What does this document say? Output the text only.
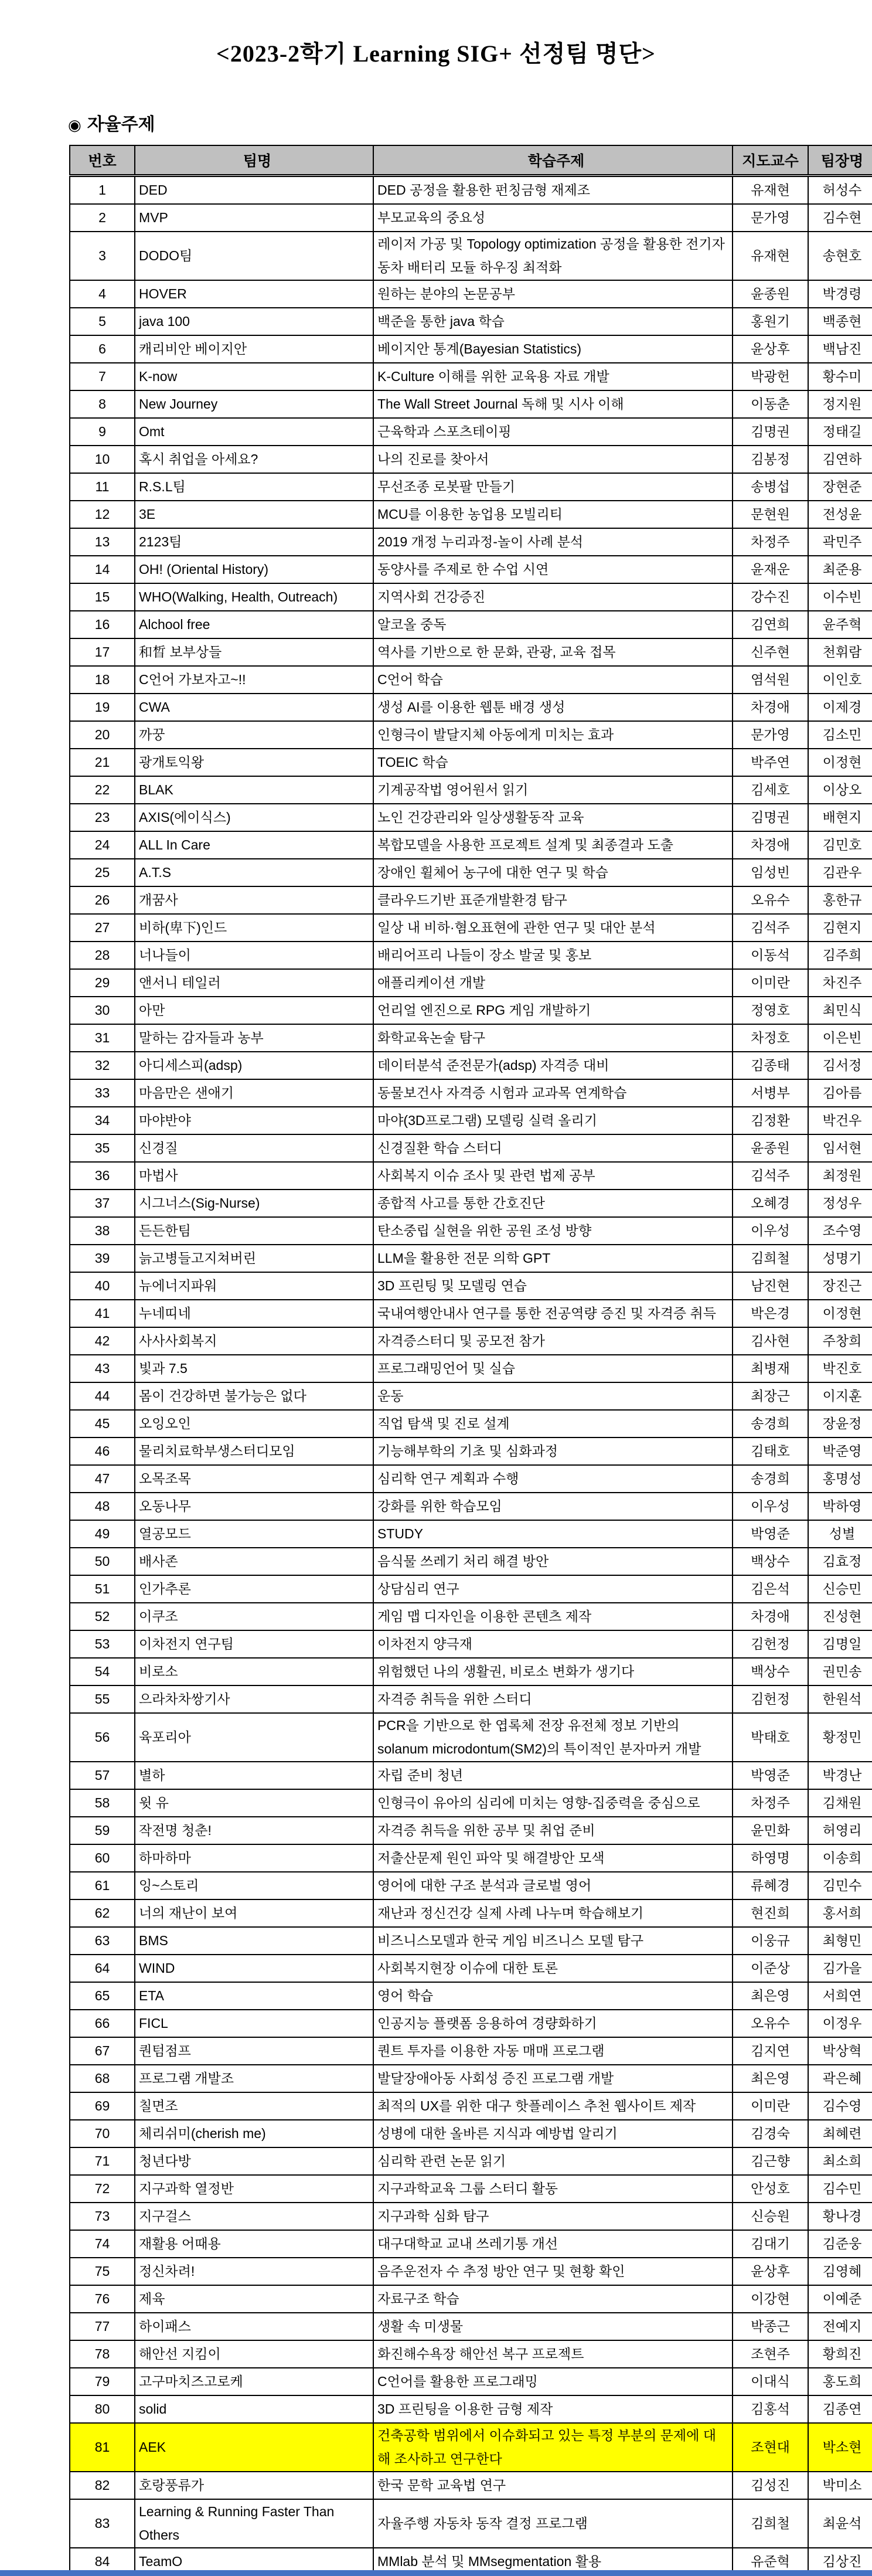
<2023-2학기 Learning SIG+ 선정팀 명단>
◉ 자율주제
번호	팀명	학습주제	지도교수	팀장명
1	DED	DED 공정을 활용한 펀칭금형 재제조	유재현	허성수
2	MVP	부모교육의 중요성	문가영	김수현
3	DODO팀	레이저 가공 및 Topology optimization 공정을 활용한 전기자동차 배터리 모듈 하우징 최적화	유재현	송현호
4	HOVER	원하는 분야의 논문공부	윤종원	박경령
5	java 100	백준을 통한 java 학습	홍원기	백종현
6	캐리비안 베이지안	베이지안 통계(Bayesian Statistics)	윤상후	백남진
7	K-now	K-Culture 이해를 위한 교육용 자료 개발	박광헌	황수미
8	New Journey	The Wall Street Journal 독해 및 시사 이해	이동춘	정지원
9	Omt	근육학과 스포츠테이핑	김명권	정태길
10	혹시 취업을 아세요?	나의 진로를 찾아서	김봉정	김연하
11	R.S.L팀	무선조종 로봇팔 만들기	송병섭	장현준
12	3E	MCU를 이용한 농업용 모빌리티	문현원	전성윤
13	2123팀	2019 개정 누리과정-놀이 사례 분석	차정주	곽민주
14	OH! (Oriental History)	동양사를 주제로 한 수업 시연	윤재운	최준용
15	WHO(Walking, Health, Outreach)	지역사회 건강증진	강수진	이수빈
16	Alchool free	알코올 중독	김연희	윤주혁
17	和晳 보부상들	역사를 기반으로 한 문화, 관광, 교육 접목	신주현	천휘람
18	C언어 가보자고~!!	C언어 학습	염석원	이인호
19	CWA	생성 AI를 이용한 웹툰 배경 생성	차경애	이제경
20	까꿍	인형극이 발달지체 아동에게 미치는 효과	문가영	김소민
21	광개토익왕	TOEIC 학습	박주연	이정현
22	BLAK	기계공작법 영어원서 읽기	김세호	이상오
23	AXIS(에이식스)	노인 건강관리와 일상생활동작 교육	김명권	배현지
24	ALL In Care	복합모델을 사용한 프로젝트 설계 및 최종결과 도출	차경애	김민호
25	A.T.S	장애인 휠체어 농구에 대한 연구 및 학습	임성빈	김관우
26	개꿈사	클라우드기반 표준개발환경 탐구	오유수	홍한규
27	비하(卑下)인드	일상 내 비하·혐오표현에 관한 연구 및 대안 분석	김석주	김현지
28	너나들이	배리어프리 나들이 장소 발굴 및 홍보	이동석	김주희
29	앤서니 테일러	애플리케이션 개발	이미란	차진주
30	아만	언리얼 엔진으로 RPG 게임 개발하기	정영호	최민식
31	말하는 감자들과 농부	화학교육논술 탐구	차정호	이은빈
32	아디세스피(adsp)	데이터분석 준전문가(adsp) 자격증 대비	김종태	김서정
33	마음만은 샌애기	동물보건사 자격증 시험과 교과목 연계학습	서병부	김아름
34	마야반야	마야(3D프로그램) 모델링 실력 올리기	김정환	박건우
35	신경질	신경질환 학습 스터디	윤종원	임서현
36	마법사	사회복지 이슈 조사 및 관련 법제 공부	김석주	최정원
37	시그너스(Sig-Nurse)	종합적 사고를 통한 간호진단	오혜경	정성우
38	든든한팀	탄소중립 실현을 위한 공원 조성 방향	이우성	조수영
39	늙고병들고지쳐버린	LLM을 활용한 전문 의학 GPT	김희철	성명기
40	뉴에너지파워	3D 프린팅 및 모델링 연습	남진현	장진근
41	누네띠네	국내여행안내사 연구를 통한 전공역량 증진 및 자격증 취득	박은경	이정현
42	사사사회복지	자격증스터디 및 공모전 참가	김사현	주창희
43	빛과 7.5	프로그래밍언어 및 실습	최병재	박진호
44	몸이 건강하면 불가능은 없다	운동	최장근	이지훈
45	오잉오인	직업 탐색 및 진로 설계	송경희	장윤정
46	물리치료학부생스터디모임	기능해부학의 기초 및 심화과정	김태호	박준영
47	오목조목	심리학 연구 계획과 수행	송경희	홍명성
48	오동나무	강화를 위한 학습모임	이우성	박하영
49	열공모드	STUDY	박영준	성별
50	배사존	음식물 쓰레기 처리 해결 방안	백상수	김효정
51	인가추론	상담심리 연구	김은석	신승민
52	이쿠조	게임 맵 디자인을 이용한 콘텐츠 제작	차경애	진성현
53	이차전지 연구팀	이차전지 양극재	김헌정	김명일
54	비로소	위험했던 나의 생활권, 비로소 변화가 생기다	백상수	권민송
55	으라차차쌍기사	자격증 취득을 위한 스터디	김헌정	한원석
56	육포리아	PCR을 기반으로 한 엽록체 전장 유전체 정보 기반의 solanum microdontum(SM2)의 특이적인 분자마커 개발	박태호	황정민
57	별하	자립 준비 청년	박영준	박경난
58	윗 유	인형극이 유아의 심리에 미치는 영향-집중력을 중심으로	차정주	김채원
59	작전명 청춘!	자격증 취득을 위한 공부 및 취업 준비	윤민화	허영리
60	하마하마	저출산문제 원인 파악 및 해결방안 모색	하영명	이송희
61	잉~스토리	영어에 대한 구조 분석과 글로벌 영어	류혜경	김민수
62	너의 재난이 보여	재난과 정신건강 실제 사례 나누며 학습해보기	현진희	홍서희
63	BMS	비즈니스모델과 한국 게임 비즈니스 모델 탐구	이웅규	최형민
64	WIND	사회복지현장 이슈에 대한 토론	이준상	김가을
65	ETA	영어 학습	최은영	서희연
66	FICL	인공지능 플랫폼 응용하여 경량화하기	오유수	이정우
67	퀀텀점프	퀀트 투자를 이용한 자동 매매 프로그램	김지연	박상혁
68	프로그램 개발조	발달장애아동 사회성 증진 프로그램 개발	최은영	곽은혜
69	칠면조	최적의 UX를 위한 대구 핫플레이스 추천 웹사이트 제작	이미란	김수영
70	체리쉬미(cherish me)	성병에 대한 올바른 지식과 예방법 알리기	김경숙	최혜련
71	청년다방	심리학 관련 논문 읽기	김근향	최소희
72	지구과학 열정반	지구과학교육 그룹 스터디 활동	안성호	김수민
73	지구걸스	지구과학 심화 탐구	신승원	황나경
74	재활용 어때용	대구대학교 교내 쓰레기통 개선	김대기	김준웅
75	정신차려!	음주운전자 수 추정 방안 연구 및 현황 확인	윤상후	김영혜
76	제육	자료구조 학습	이강현	이예준
77	하이패스	생활 속 미생물	박종근	전예지
78	해안선 지킴이	화진해수욕장 해안선 복구 프로젝트	조현주	황희진
79	고구마치즈고로케	C언어를 활용한 프로그래밍	이대식	홍도희
80	solid	3D 프린팅을 이용한 금형 제작	김홍석	김종연
81	AEK	건축공학 범위에서 이슈화되고 있는 특정 부분의 문제에 대해 조사하고 연구한다	조현대	박소현
82	호랑풍류가	한국 문학 교육법 연구	김성진	박미소
83	Learning & Running Faster Than Others	자율주행 자동차 동작 결정 프로그램	김희철	최윤석
84	TeamO	MMlab 분석 및 MMsegmentation 활용	유준혁	김상진
